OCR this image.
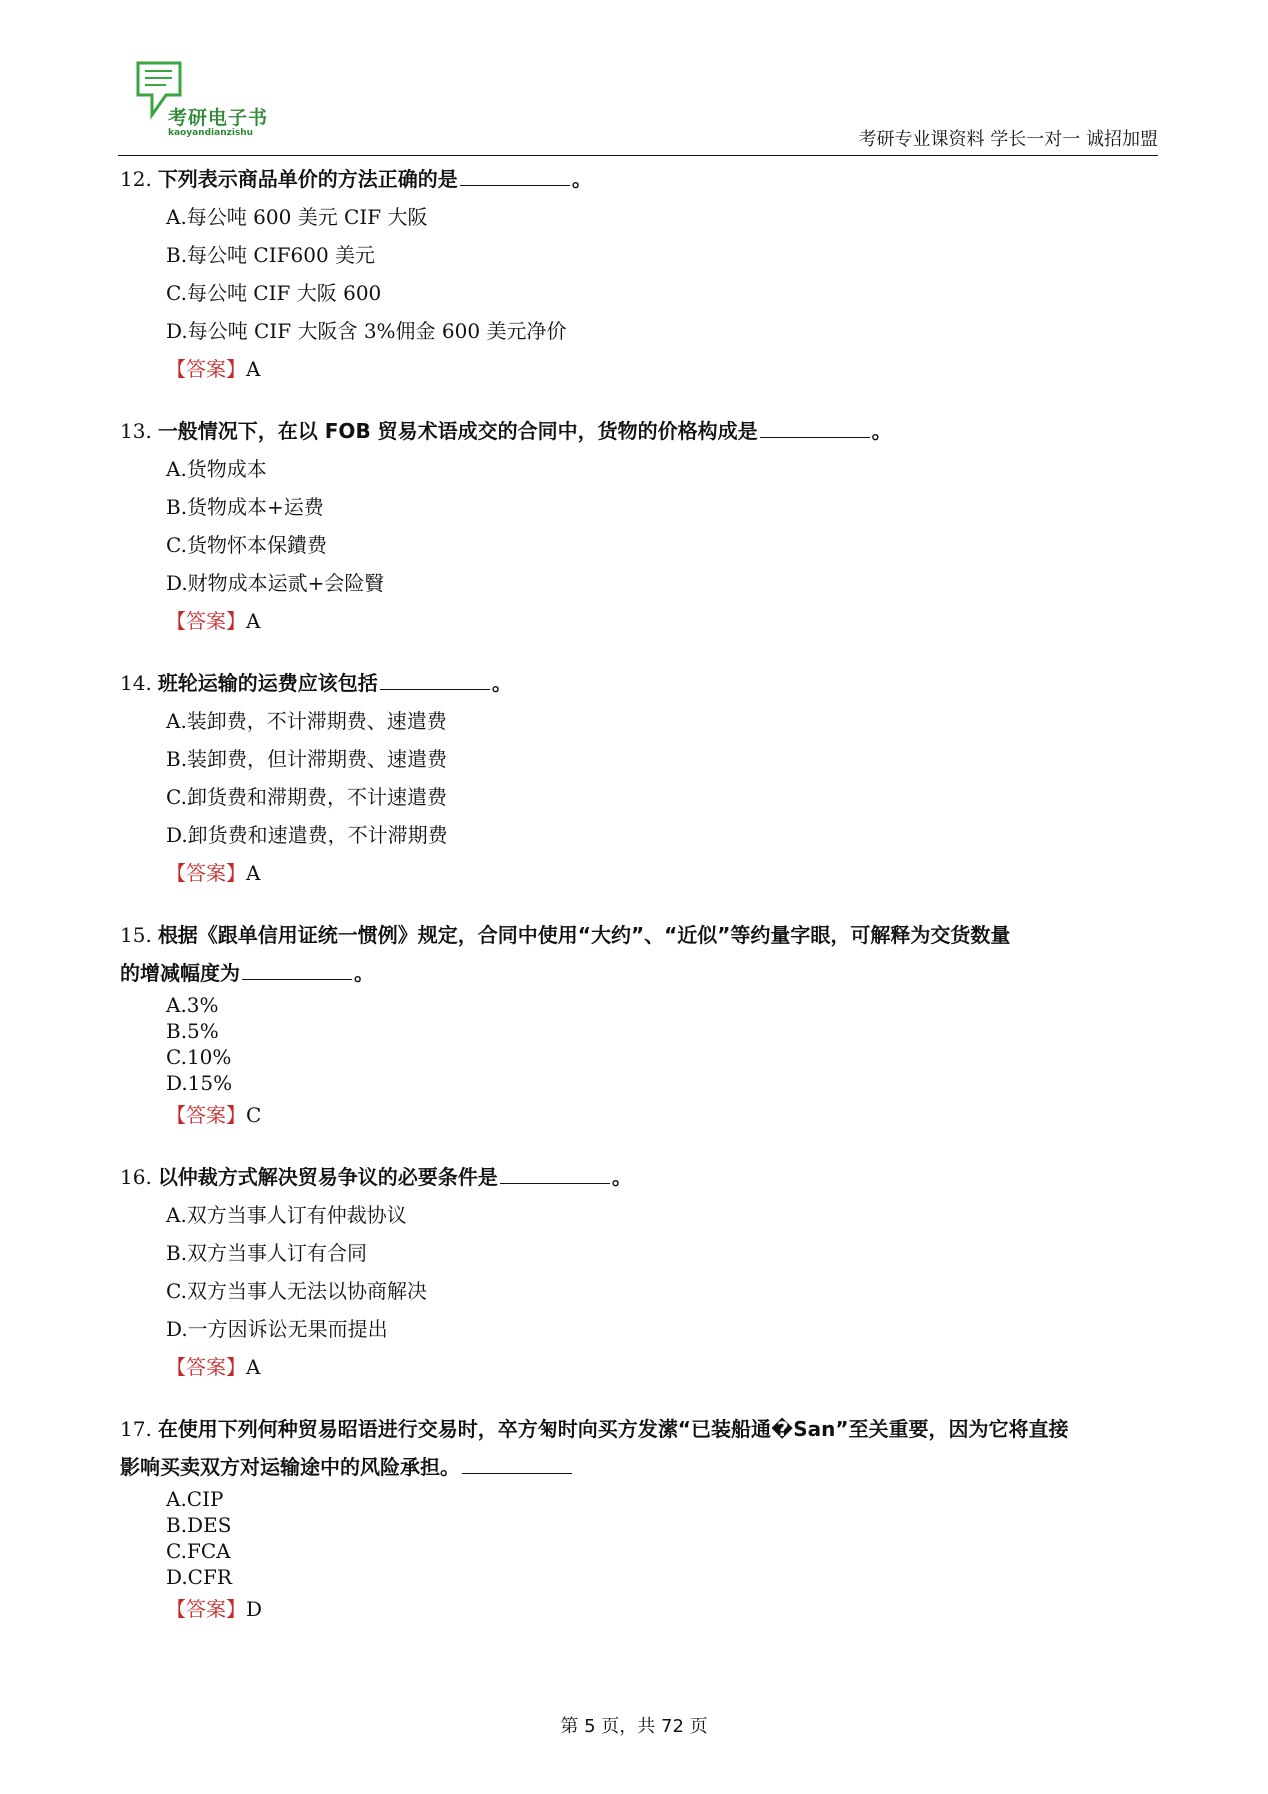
考研电子书
kaoyandianzishu	考研专业课资料 学长一对一 诚招加盟
12. 下列表示商品单价的方法正确的是	。
A.每公吨 600 美元 CIF 大阪
B.每公吨 CIF600 美元
C.每公吨 CIF 大阪 600
D.每公吨 CIF 大阪含 3%佣金 600 美元净价
【答案】A
13. 一般情况下，在以 FOB 贸易术语成交的合同中，货物的价格构成是	。
A.货物成本
B.货物成本+运费
C.货物怀本保鐨费
D.财物成本运贰+会险贀
【答案】A
14. 班轮运输的运费应该包括	。
A.装卸费，不计滞期费、速遣费
B.装卸费，但计滞期费、速遣费
C.卸货费和滞期费，不计速遣费
D.卸货费和速遣费，不计滞期费
【答案】A
15. 根据《跟单信用证统一惯例》规定，合同中使用“大约”、“近似”等约量字眼，可解释为交货数量
的增减幅度为	。
A.3%
B.5%
C.10%
D.15%
【答案】C
16. 以仲裁方式解决贸易争议的必要条件是	。
A.双方当事人订有仲裁协议
B.双方当事人订有合同
C.双方当事人无法以协商解决
D.一方因诉讼无果而提出
【答案】A
17. 在使用下列何种贸易昭语进行交易时，卒方匊时向买方发潆“已装船通�San”至关重要，因为它将直接
影响买卖双方对运输途中的风险承担。
A.CIP
B.DES
C.FCA
D.CFR
【答案】D
第 5 页，共 72 页
